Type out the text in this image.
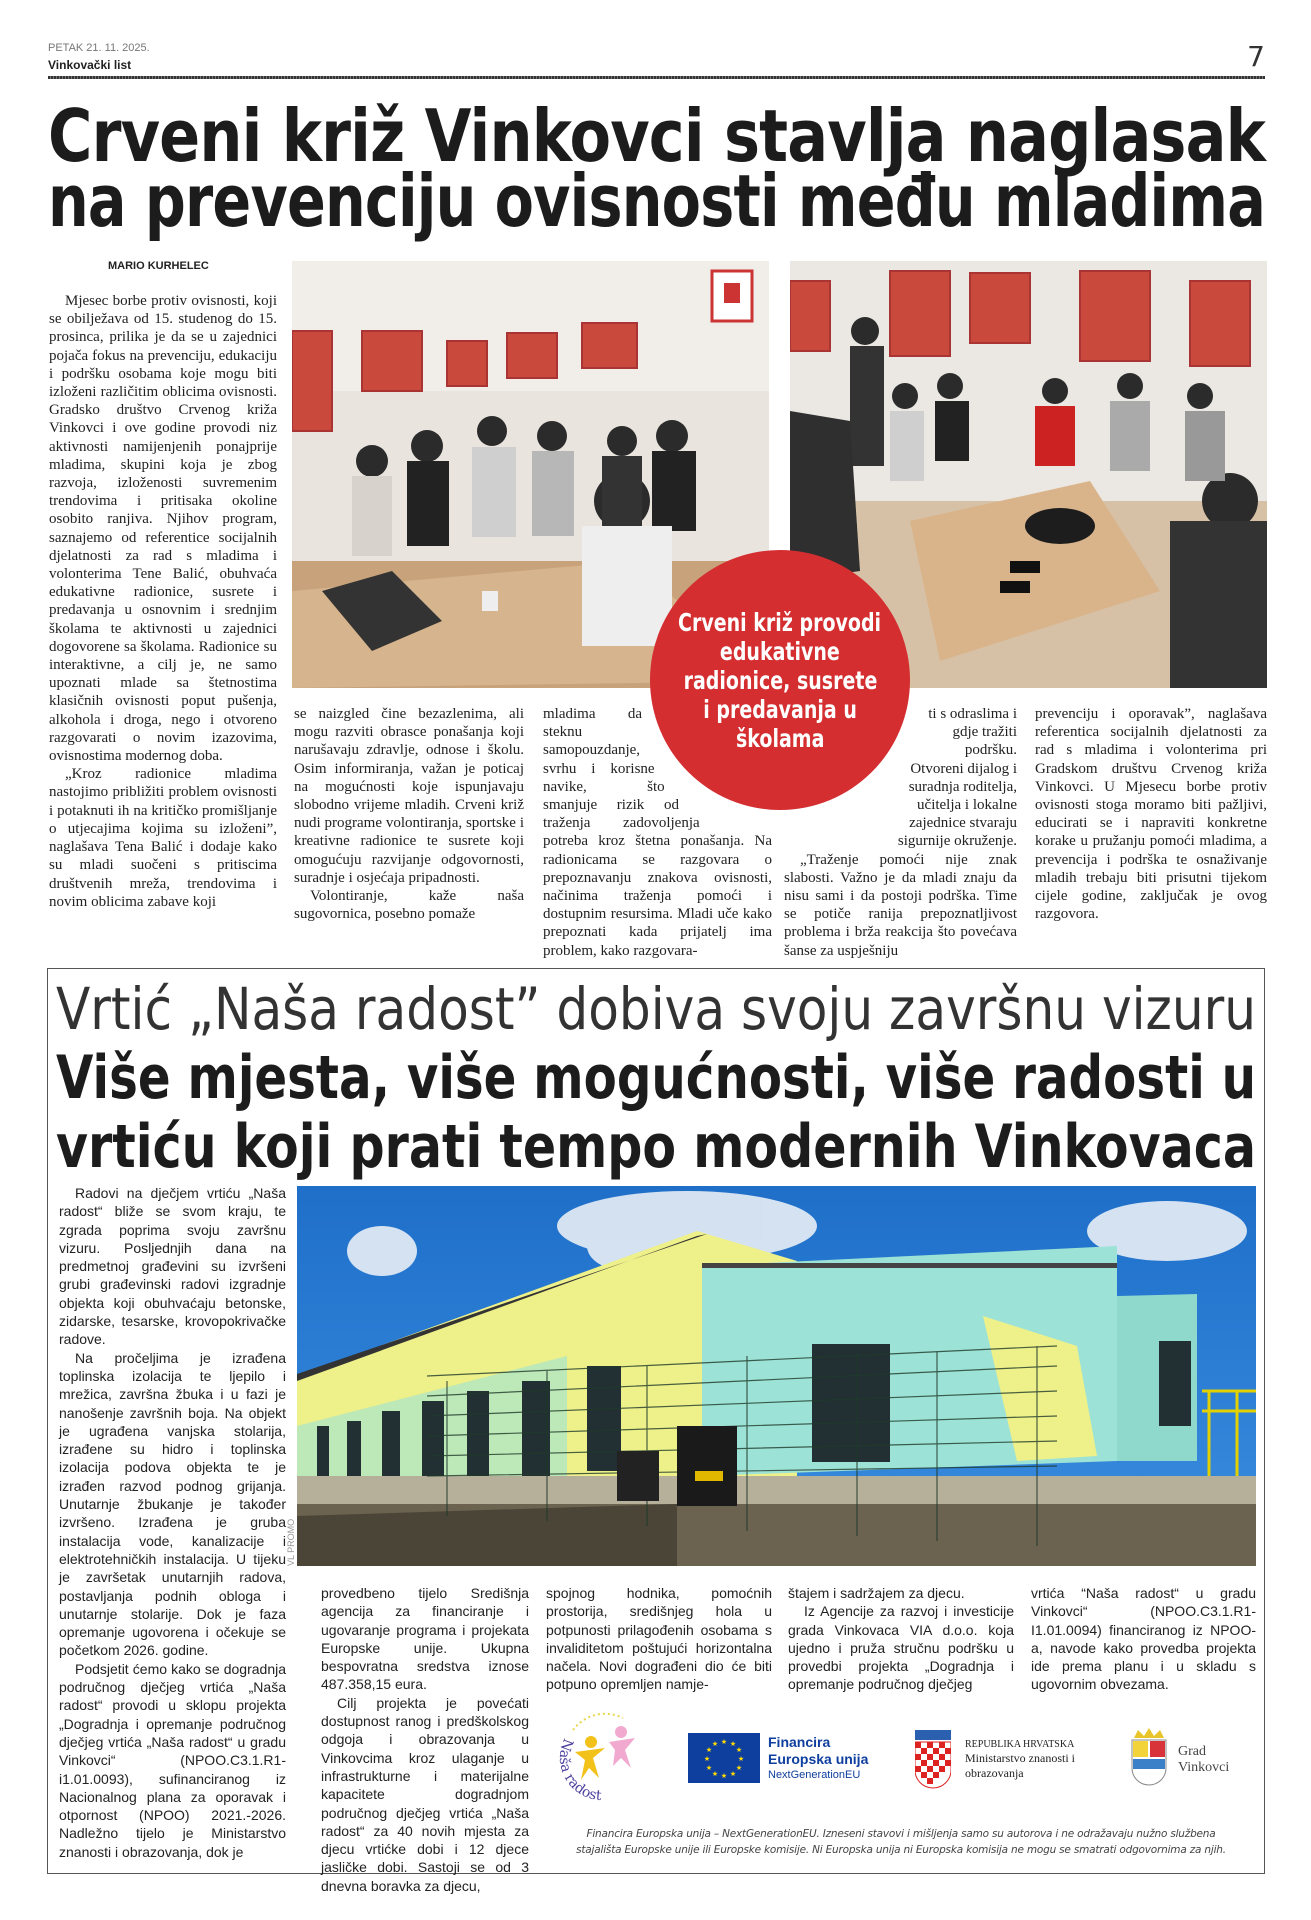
PETAK 21. 11. 2025.
Vinkovački list	7
Crveni križ Vinkovci stavlja naglasak
na prevenciju ovisnosti među mladima
MARIO KURHELEC

Mjesec borbe protiv ovisnosti, koji se obilježava od 15. studenog do 15. prosinca, prilika je da se u zajednici pojača fokus na prevenciju, edukaciju i podršku osobama koje mogu biti izloženi različitim oblicima ovisnosti. Gradsko društvo Crvenog križa Vinkovci i ove godine provodi niz aktivnosti namijenjenih ponajprije mladima, skupini koja je zbog razvoja, izloženosti suvremenim trendovima i pritisaka okoline osobito ranjiva. Njihov program, saznajemo od referentice socijalnih djelatnosti za rad s mladima i volonterima Tene Balić, obuhvaća edukativne radionice, susrete i predavanja u osnovnim i srednjim školama te aktivnosti u zajednici dogovorene sa školama. Radionice su interaktivne, a cilj je, ne samo upoznati mlade sa štetnostima klasičnih ovisnosti poput pušenja, alkohola i droga, nego i otvoreno razgovarati o novim izazovima, ovisnostima modernog doba.

„Kroz radionice mladima nastojimo približiti problem ovisnosti i potaknuti ih na kritičko promišljanje o utjecajima kojima su izloženi”, naglašava Tena Balić i dodaje kako su mladi suočeni s pritiscima društvenih mreža, trendovima i novim oblicima zabave koji

se naizgled čine bezazlenima, ali mogu razviti obrasce ponašanja koji narušavaju zdravlje, odnose i školu. Osim informiranja, važan je poticaj na mogućnosti koje ispunjavaju slobodno vrijeme mladih. Crveni križ nudi programe volontiranja, sportske i kreativne radionice te susrete koji omogućuju razvijanje odgovornosti, suradnje i osjećaja pripadnosti.

Volontiranje, kaže naša sugovornica, posebno pomaže

mladima da steknu samopouzdanje, svrhu i korisne navike, što smanjuje rizik od traženja zadovoljenja potreba kroz štetna ponašanja. Na radionicama se razgovara o prepoznavanju znakova ovisnosti, načinima traženja pomoći i dostupnim resursima. Mladi uče kako prepoznati kada prijatelj ima problem, kako razgovara-

ti s odraslima i gdje tražiti podršku. Otvoreni dijalog i suradnja roditelja, učitelja i lokalne zajednice stvaraju sigurnije okruženje.

„Traženje pomoći nije znak slabosti. Važno je da mladi znaju da nisu sami i da postoji podrška. Time se potiče ranija prepoznatljivost problema i brža reakcija što povećava šanse za uspješniju

prevenciju i oporavak”, naglašava referentica socijalnih djelatnosti za rad s mladima i volonterima pri Gradskom društvu Crvenog križa Vinkovci. U Mjesecu borbe protiv ovisnosti stoga moramo biti pažljivi, educirati se i napraviti konkretne korake u pružanju pomoći mladima, a prevencija i podrška te osnaživanje mladih trebaju biti prisutni tijekom cijele godine, zaključak je ovog razgovora.

Crveni križ provodi
edukativne
radionice, susrete
i predavanja u
školama
Vrtić „Naša radost” dobiva svoju završnu vizuru
Više mjesta, više mogućnosti, više radosti u
vrtiću koji prati tempo modernih Vinkovaca

Radovi na dječjem vrtiću „Naša radost“ bliže se svom kraju, te zgrada poprima svoju završnu vizuru. Posljednjih dana na predmetnoj građevini su izvršeni grubi građevinski radovi izgradnje objekta koji obuhvaćaju betonske, zidarske, tesarske, krovopokrivačke radove.

Na pročeljima je izrađena toplinska izolacija te ljepilo i mrežica, završna žbuka i u fazi je nanošenje završnih boja. Na objekt je ugrađena vanjska stolarija, izrađene su hidro i toplinska izolacija podova objekta te je izrađen razvod podnog grijanja. Unutarnje žbukanje je također izvršeno. Izrađena je gruba instalacija vode, kanalizacije i elektrotehničkih instalacija. U tijeku je završetak unutarnjih radova, postavljanja podnih obloga i unutarnje stolarije. Dok je faza opremanje ugovorena i očekuje se početkom 2026. godine.

Podsjetit ćemo kako se dogradnja područnog dječjeg vrtića „Naša radost“ provodi u sklopu projekta „Dogradnja i opremanje područnog dječjeg vrtića „Naša radost“ u gradu Vinkovci“ (NPOO.C3.1.R1-i1.01.0093), sufinanciranog iz Nacionalnog plana za oporavak i otpornost (NPOO) 2021.-2026. Nadležno tijelo je Ministarstvo znanosti i obrazovanja, dok je

VL PROMO

provedbeno tijelo Središnja agencija za financiranje i ugovaranje programa i projekata Europske unije. Ukupna bespovratna sredstva iznose 487.358,15 eura.

Cilj projekta je povećati dostupnost ranog i predškolskog odgoja i obrazovanja u Vinkovcima kroz ulaganje u infrastrukturne i materijalne kapacitete dogradnjom područnog dječjeg vrtića „Naša radost“ za 40 novih mjesta za djecu vrtićke dobi i 12 djece jasličke dobi. Sastoji se od 3 dnevna boravka za djecu,

spojnog hodnika, pomoćnih prostorija, središnjeg hola u potpunosti prilagođenih osobama s invaliditetom poštujući horizontalna načela. Novi dograđeni dio će biti potpuno opremljen namje-

štajem i sadržajem za djecu.

Iz Agencije za razvoj i investicije grada Vinkovaca VIA d.o.o. koja ujedno i pruža stručnu podršku u provedbi projekta „Dogradnja i opremanje područnog dječjeg

vrtića “Naša radost“ u gradu Vinkovci“ (NPOO.C3.1.R1-I1.01.0094) financiranog iz NPOO-a, navode kako provedba projekta ide prema planu i u skladu s ugovornim obvezama.

Naša radost
★ ★
★
★
★
★
★
★
★
★
★
★	Financira
Europska unija
NextGenerationEU
REPUBLIKA HRVATSKA
Ministarstvo znanosti i
obrazovanja
Grad
Vinkovci
Financira Europska unija – NextGenerationEU. Izneseni stavovi i mišljenja samo su autorova i ne odražavaju nužno službena
stajališta Europske unije ili Europske komisije. Ni Europska unija ni Europska komisija ne mogu se smatrati odgovornima za njih.
